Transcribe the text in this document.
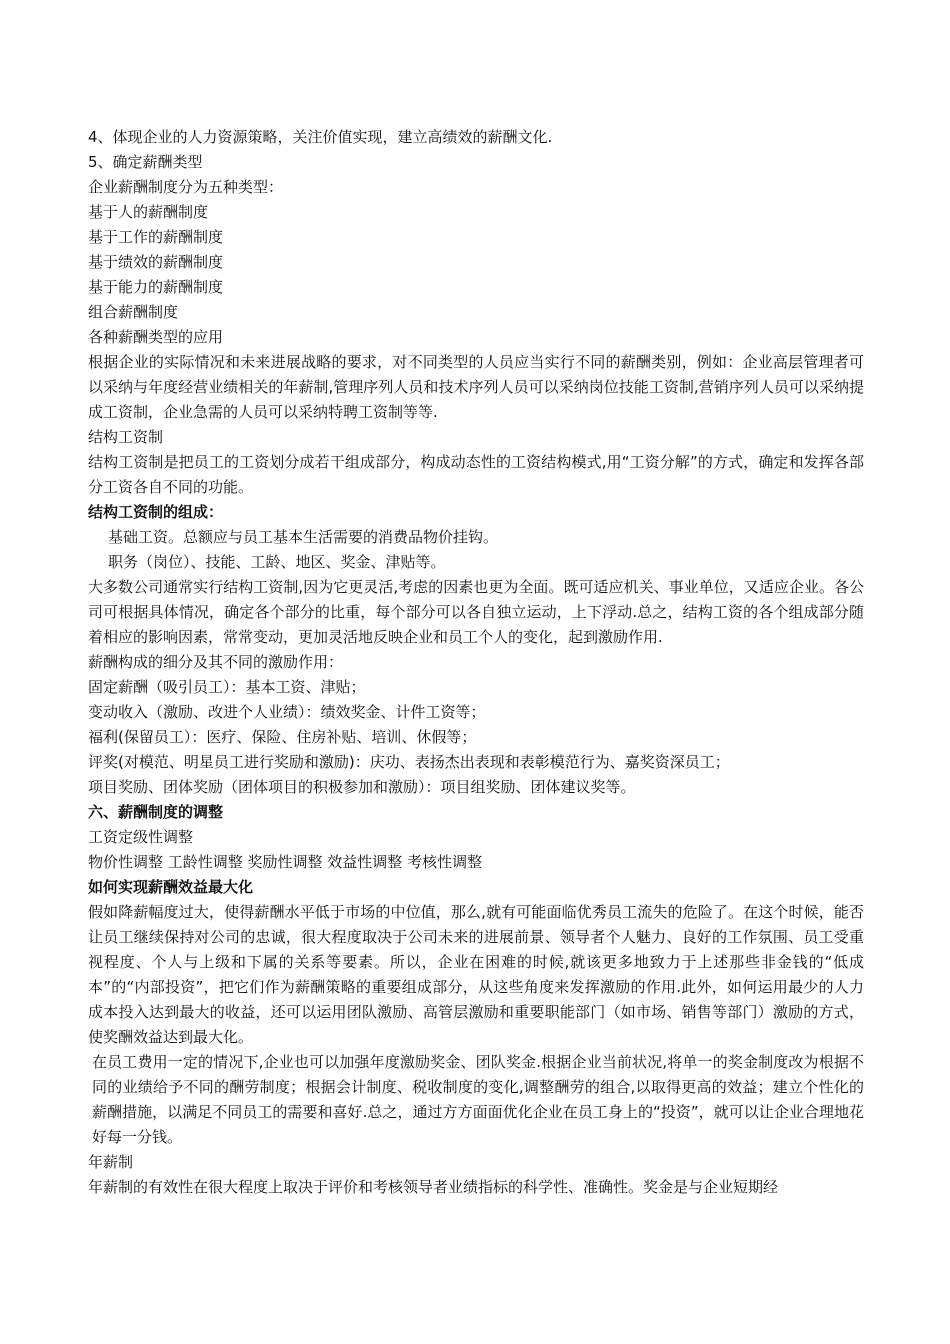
4、体现企业的人力资源策略，关注价值实现，建立高绩效的薪酬文化.
5、确定薪酬类型
企业薪酬制度分为五种类型：
基于人的薪酬制度
基于工作的薪酬制度
基于绩效的薪酬制度
基于能力的薪酬制度
组合薪酬制度
各种薪酬类型的应用
根据企业的实际情况和未来进展战略的要求，对不同类型的人员应当实行不同的薪酬类别，例如：企业高层管理者可以采纳与年度经营业绩相关的年薪制,管理序列人员和技术序列人员可以采纳岗位技能工资制,营销序列人员可以采纳提成工资制，企业急需的人员可以采纳特聘工资制等等.
结构工资制
结构工资制是把员工的工资划分成若干组成部分，构成动态性的工资结构模式,用“工资分解”的方式，确定和发挥各部分工资各自不同的功能。
结构工资制的组成：
基础工资。总额应与员工基本生活需要的消费品物价挂钩。
职务（岗位）、技能、工龄、地区、奖金、津贴等。
大多数公司通常实行结构工资制,因为它更灵活,考虑的因素也更为全面。既可适应机关、事业单位，又适应企业。各公司可根据具体情况，确定各个部分的比重，每个部分可以各自独立运动，上下浮动.总之，结构工资的各个组成部分随着相应的影响因素，常常变动，更加灵活地反映企业和员工个人的变化，起到激励作用.
薪酬构成的细分及其不同的激励作用：
固定薪酬（吸引员工）：基本工资、津贴；
变动收入（激励、改进个人业绩）：绩效奖金、计件工资等；
福利(保留员工）：医疗、保险、住房补贴、培训、休假等；
评奖(对模范、明星员工进行奖励和激励)：庆功、表扬杰出表现和表彰模范行为、嘉奖资深员工；
项目奖励、团体奖励（团体项目的积极参加和激励）：项目组奖励、团体建议奖等。
六、薪酬制度的调整
工资定级性调整
物价性调整 工龄性调整 奖励性调整 效益性调整 考核性调整
如何实现薪酬效益最大化
假如降薪幅度过大，使得薪酬水平低于市场的中位值，那么,就有可能面临优秀员工流失的危险了。在这个时候，能否让员工继续保持对公司的忠诚，很大程度取决于公司未来的进展前景、领导者个人魅力、良好的工作氛围、员工受重视程度、个人与上级和下属的关系等要素。所以，企业在困难的时候,就该更多地致力于上述那些非金钱的“低成本”的“内部投资”，把它们作为薪酬策略的重要组成部分，从这些角度来发挥激励的作用.此外，如何运用最少的人力成本投入达到最大的收益，还可以运用团队激励、高管层激励和重要职能部门（如市场、销售等部门）激励的方式，使奖酬效益达到最大化。
在员工费用一定的情况下,企业也可以加强年度激励奖金、团队奖金.根据企业当前状况,将单一的奖金制度改为根据不同的业绩给予不同的酬劳制度；根据会计制度、税收制度的变化,调整酬劳的组合,以取得更高的效益；建立个性化的薪酬措施，以满足不同员工的需要和喜好.总之，通过方方面面优化企业在员工身上的“投资”，就可以让企业合理地花好每一分钱。
年薪制
年薪制的有效性在很大程度上取决于评价和考核领导者业绩指标的科学性、准确性。奖金是与企业短期经
